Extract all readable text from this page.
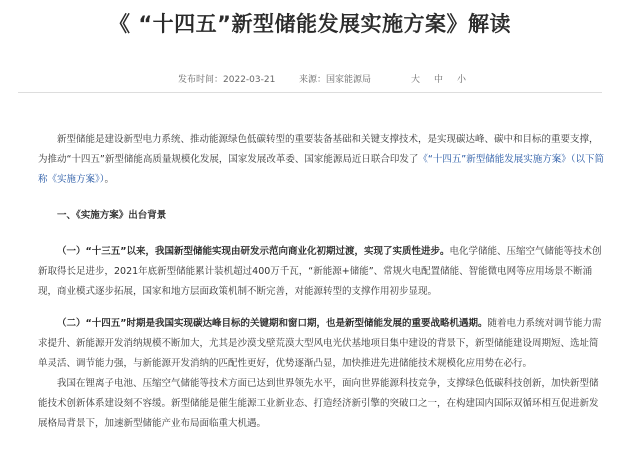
《 “十四五”新型储能发展实施方案》解读
发布时间：2022-03-21	来源：国家能源局	大 中 小

新型储能是建设新型电力系统、推动能源绿色低碳转型的重要装备基础和关键支撑技术，是实现碳达峰、碳中和目标的重要支撑，为推动“十四五”新型储能高质量规模化发展，国家发展改革委、国家能源局近日联合印发了《“十四五”新型储能发展实施方案》（以下简称《实施方案》）。

一、《实施方案》出台背景

（一）“十三五”以来，我国新型储能实现由研发示范向商业化初期过渡，实现了实质性进步。电化学储能、压缩空气储能等技术创新取得长足进步，2021年底新型储能累计装机超过400万千瓦，“新能源+储能”、常规火电配置储能、智能微电网等应用场景不断涌现，商业模式逐步拓展，国家和地方层面政策机制不断完善，对能源转型的支撑作用初步显现。

（二）“十四五”时期是我国实现碳达峰目标的关键期和窗口期，也是新型储能发展的重要战略机遇期。随着电力系统对调节能力需求提升、新能源开发消纳规模不断加大，尤其是沙漠戈壁荒漠大型风电光伏基地项目集中建设的背景下，新型储能建设周期短、选址简单灵活、调节能力强，与新能源开发消纳的匹配性更好，优势逐渐凸显，加快推进先进储能技术规模化应用势在必行。

我国在锂离子电池、压缩空气储能等技术方面已达到世界领先水平，面向世界能源科技竞争，支撑绿色低碳科技创新，加快新型储能技术创新体系建设刻不容缓。新型储能是催生能源工业新业态、打造经济新引擎的突破口之一，在构建国内国际双循环相互促进新发展格局背景下，加速新型储能产业布局面临重大机遇。
